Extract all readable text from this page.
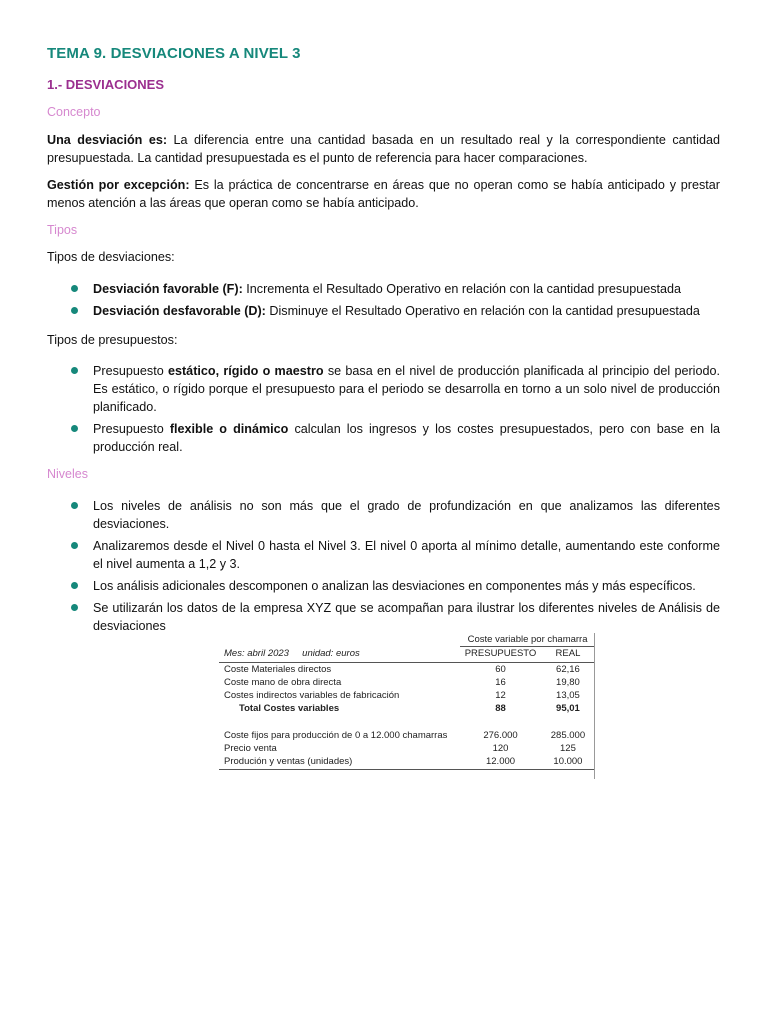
TEMA 9. DESVIACIONES A NIVEL 3
1.- DESVIACIONES
Concepto
Una desviación es: La diferencia entre una cantidad basada en un resultado real y la correspondiente cantidad presupuestada. La cantidad presupuestada es el punto de referencia para hacer comparaciones.
Gestión por excepción: Es la práctica de concentrarse en áreas que no operan como se había anticipado y prestar menos atención a las áreas que operan como se había anticipado.
Tipos
Tipos de desviaciones:
Desviación favorable (F): Incrementa el Resultado Operativo en relación con la cantidad presupuestada
Desviación desfavorable (D): Disminuye el Resultado Operativo en relación con la cantidad presupuestada
Tipos de presupuestos:
Presupuesto estático, rígido o maestro se basa en el nivel de producción planificada al principio del periodo. Es estático, o rígido porque el presupuesto para el periodo se desarrolla en torno a un solo nivel de producción planificado.
Presupuesto flexible o dinámico calculan los ingresos y los costes presupuestados, pero con base en la producción real.
Niveles
Los niveles de análisis no son más que el grado de profundización en que analizamos las diferentes desviaciones.
Analizaremos desde el Nivel 0 hasta el Nivel 3. El nivel 0 aporta al mínimo detalle, aumentando este conforme el nivel aumenta a 1,2 y 3.
Los análisis adicionales descomponen o analizan las desviaciones en componentes más y más específicos.
Se utilizarán los datos de la empresa XYZ que se acompañan para ilustrar los diferentes niveles de Análisis de desviaciones
	Coste variable por chamarra	
Mes: abril 2023 unidad: euros	PRESUPUESTO	REAL

Coste Materiales directos	60	62,16
Coste mano de obra directa	16	19,80
Costes indirectos variables de fabricación	12	13,05
Total Costes variables	88	95,01

Coste fijos para producción de 0 a 12.000 chamarras	276.000	285.000
Precio venta	120	125
Produción y ventas (unidades)	12.000	10.000
